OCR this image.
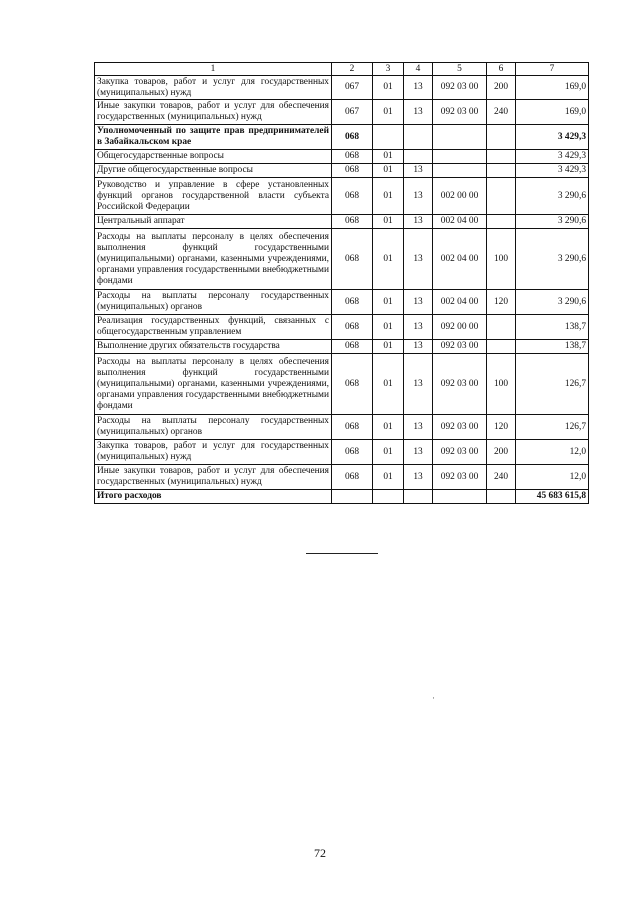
1	2	3	4	5	6	7
Закупка товаров, работ и услуг для государственных (муниципальных) нужд	067	01	13	092 03 00	200	169,0
Иные закупки товаров, работ и услуг для обеспечения государственных (муниципальных) нужд	067	01	13	092 03 00	240	169,0
Уполномоченный по защите прав предпринимателей в Забайкальском крае	068					3 429,3
Общегосударственные вопросы	068	01				3 429,3
Другие общегосударственные вопросы	068	01	13			3 429,3
Руководство и управление в сфере установленных функций органов государственной власти субъекта Российской Федерации	068	01	13	002 00 00		3 290,6
Центральный аппарат	068	01	13	002 04 00		3 290,6
Расходы на выплаты персоналу в целях обеспечения выполнения функций государственными (муниципальными) органами, казенными учреждениями, органами управления государственными внебюджетными фондами	068	01	13	002 04 00	100	3 290,6
Расходы на выплаты персоналу государственных (муниципальных) органов	068	01	13	002 04 00	120	3 290,6
Реализация государственных функций, связанных с общегосударственным управлением	068	01	13	092 00 00		138,7
Выполнение других обязательств государства	068	01	13	092 03 00		138,7
Расходы на выплаты персоналу в целях обеспечения выполнения функций государственными (муниципальными) органами, казенными учреждениями, органами управления государственными внебюджетными фондами	068	01	13	092 03 00	100	126,7
Расходы на выплаты персоналу государственных (муниципальных) органов	068	01	13	092 03 00	120	126,7
Закупка товаров, работ и услуг для государственных (муниципальных) нужд	068	01	13	092 03 00	200	12,0
Иные закупки товаров, работ и услуг для обеспечения государственных (муниципальных) нужд	068	01	13	092 03 00	240	12,0
Итого расходов						45 683 615,8
·
72
